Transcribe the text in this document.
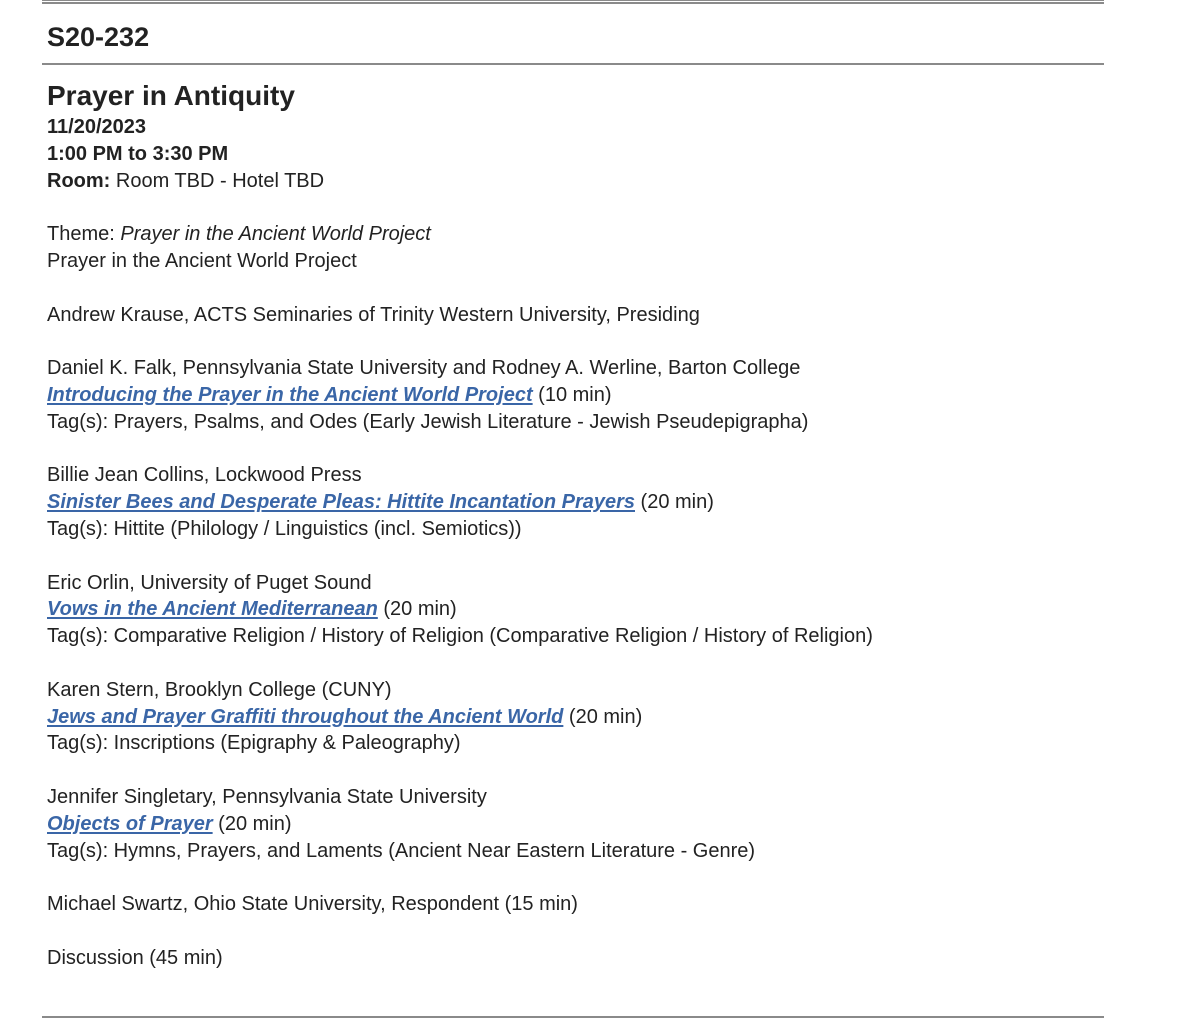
S20-232
Prayer in Antiquity

11/20/2023

1:00 PM to 3:30 PM

Room: Room TBD - Hotel TBD

Theme: Prayer in the Ancient World Project

Prayer in the Ancient World Project

Andrew Krause, ACTS Seminaries of Trinity Western University, Presiding

Daniel K. Falk, Pennsylvania State University and Rodney A. Werline, Barton College

Introducing the Prayer in the Ancient World Project (10 min)

Tag(s): Prayers, Psalms, and Odes (Early Jewish Literature - Jewish Pseudepigrapha)

Billie Jean Collins, Lockwood Press

Sinister Bees and Desperate Pleas: Hittite Incantation Prayers (20 min)

Tag(s): Hittite (Philology / Linguistics (incl. Semiotics))

Eric Orlin, University of Puget Sound

Vows in the Ancient Mediterranean (20 min)

Tag(s): Comparative Religion / History of Religion (Comparative Religion / History of Religion)

Karen Stern, Brooklyn College (CUNY)

Jews and Prayer Graffiti throughout the Ancient World (20 min)

Tag(s): Inscriptions (Epigraphy & Paleography)

Jennifer Singletary, Pennsylvania State University

Objects of Prayer (20 min)

Tag(s): Hymns, Prayers, and Laments (Ancient Near Eastern Literature - Genre)

Michael Swartz, Ohio State University, Respondent (15 min)

Discussion (45 min)
